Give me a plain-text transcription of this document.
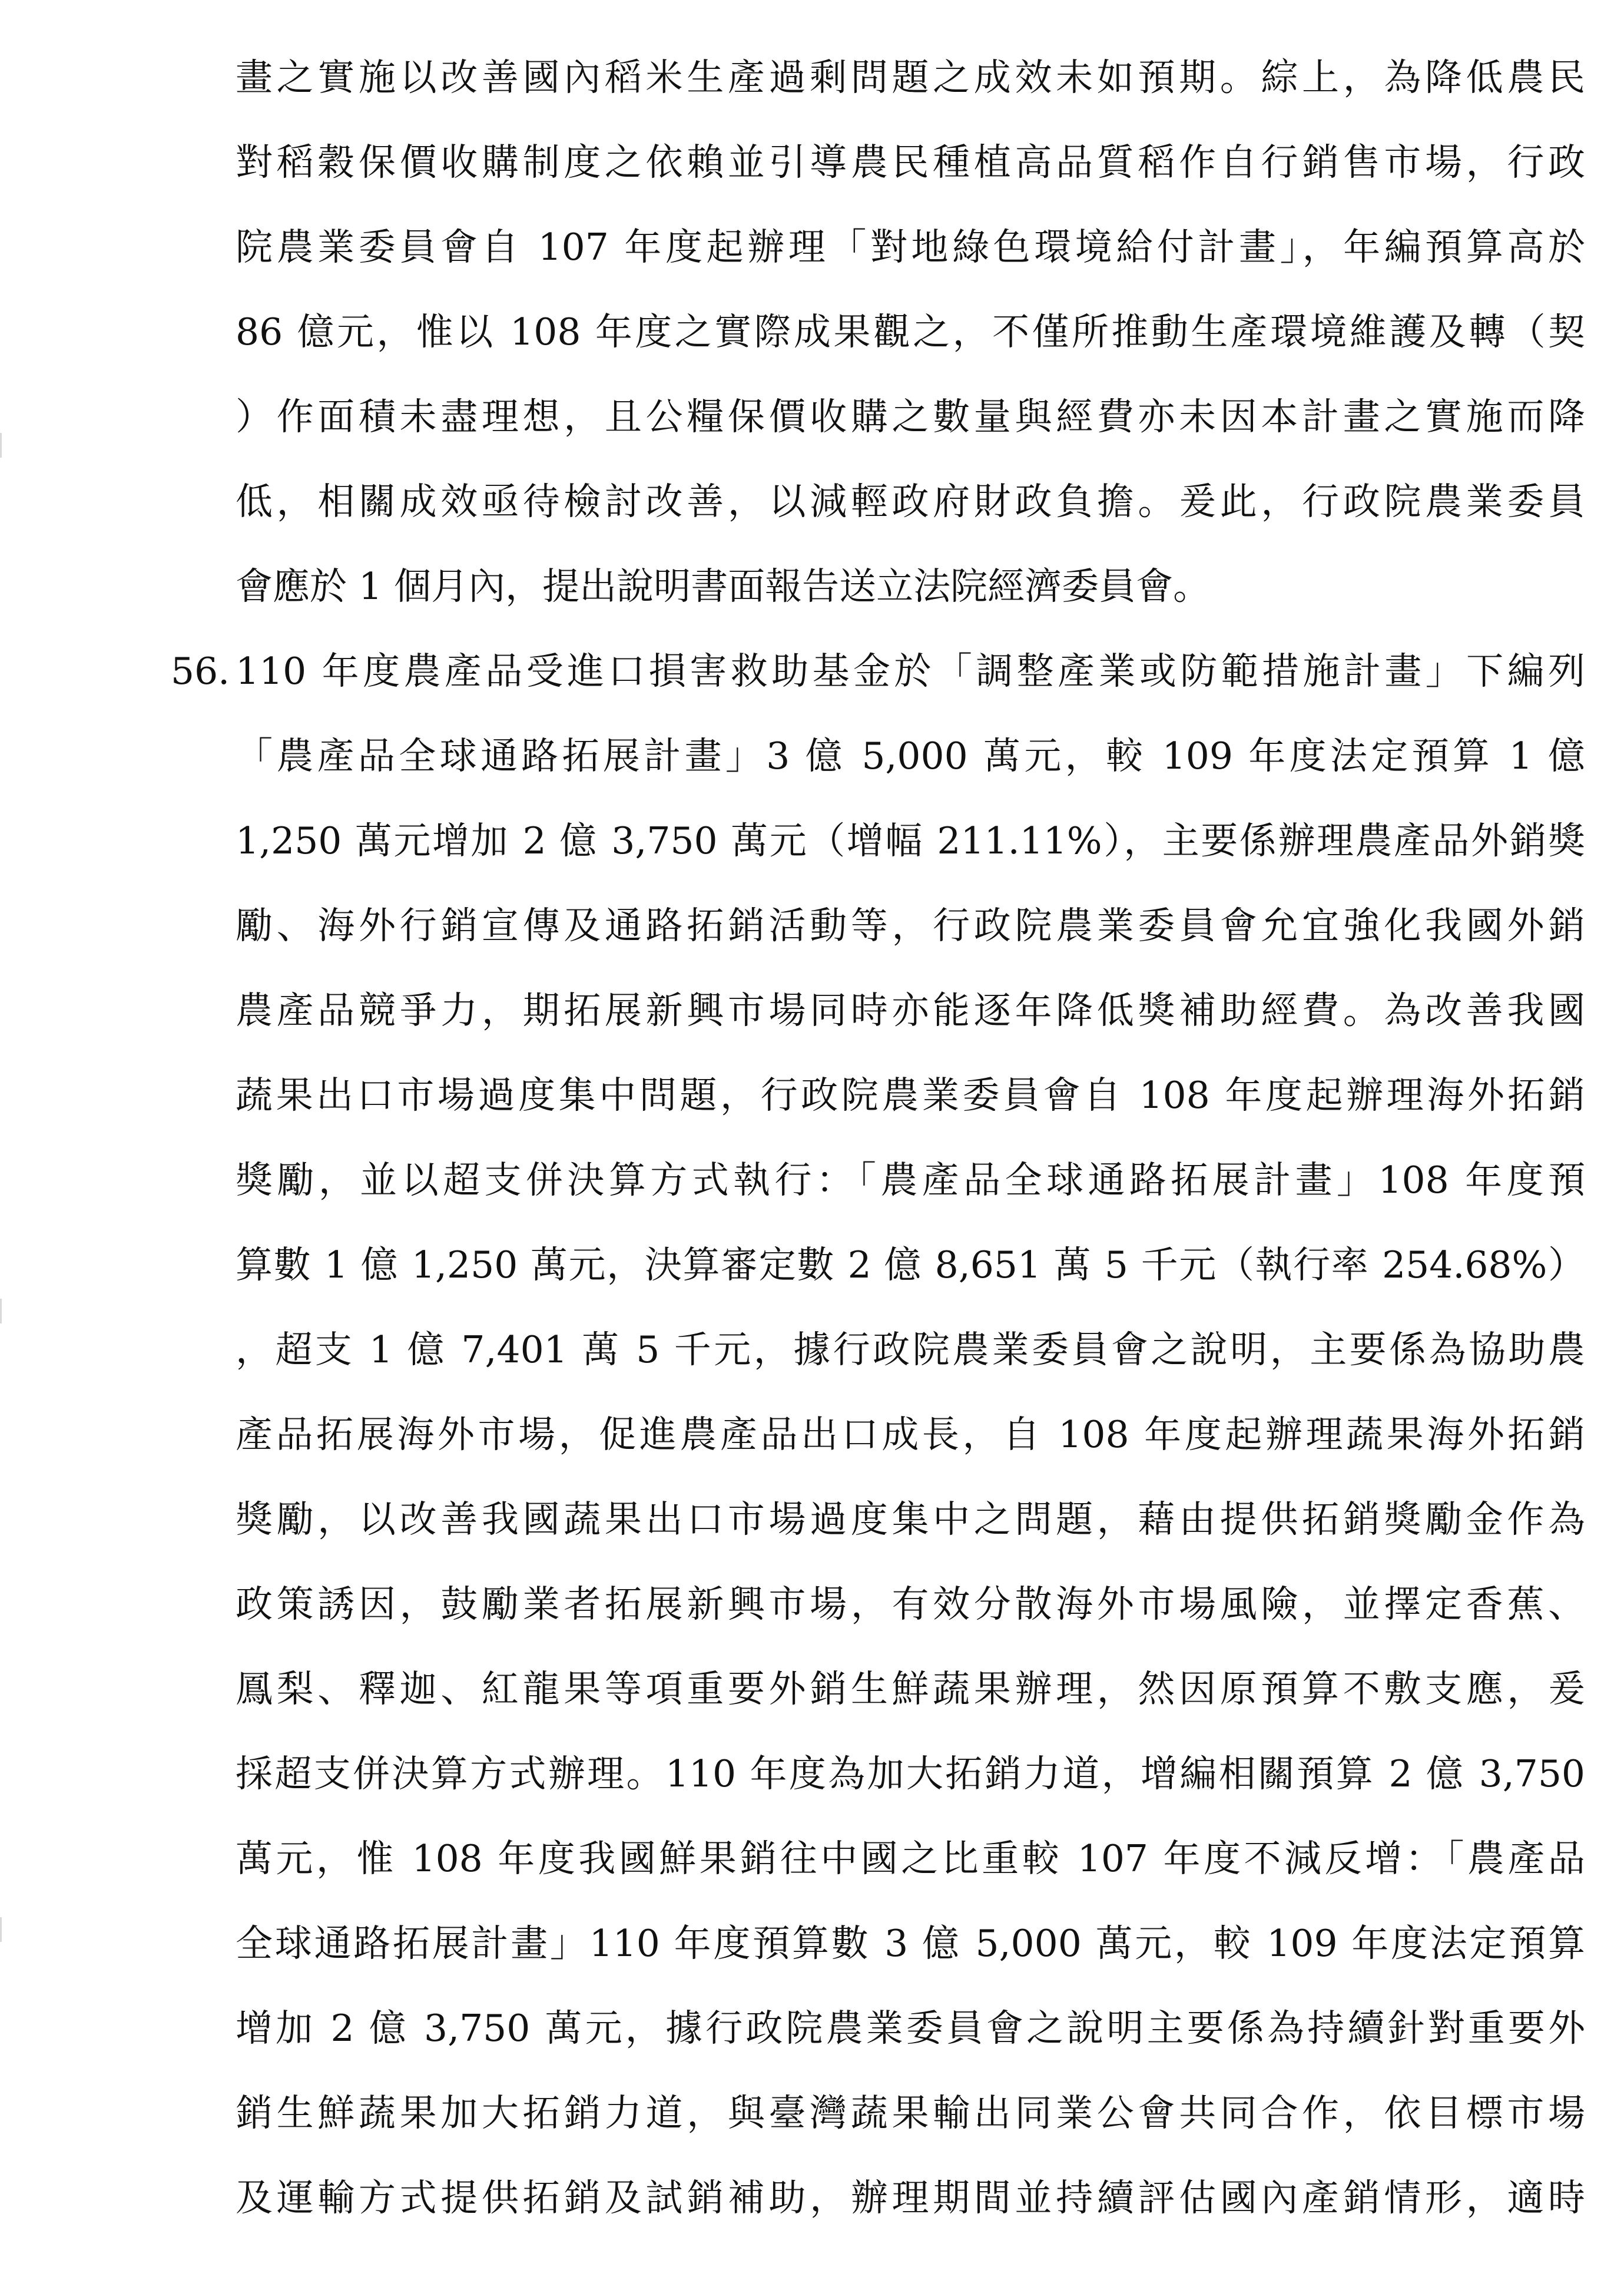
畫之實施以改善國內稻米生產過剩問題之成效未如預期。綜上，為降低農民
對稻穀保價收購制度之依賴並引導農民種植高品質稻作自行銷售市場，行政
院農業委員會自 107 年度起辦理「對地綠色環境給付計畫」，年編預算高於
86 億元，惟以 108 年度之實際成果觀之，不僅所推動生產環境維護及轉（契
）作面積未盡理想，且公糧保價收購之數量與經費亦未因本計畫之實施而降
低，相關成效亟待檢討改善，以減輕政府財政負擔。爰此，行政院農業委員
會應於 1 個月內，提出說明書面報告送立法院經濟委員會。
56. 110 年度農產品受進口損害救助基金於「調整產業或防範措施計畫」下編列
「農產品全球通路拓展計畫」3 億 5,000 萬元，較 109 年度法定預算 1 億
1,250 萬元增加 2 億 3,750 萬元（增幅 211.11%），主要係辦理農產品外銷獎
勵、海外行銷宣傳及通路拓銷活動等，行政院農業委員會允宜強化我國外銷
農產品競爭力，期拓展新興市場同時亦能逐年降低獎補助經費。為改善我國
蔬果出口市場過度集中問題，行政院農業委員會自 108 年度起辦理海外拓銷
獎勵，並以超支併決算方式執行：「農產品全球通路拓展計畫」108 年度預
算數 1 億 1,250 萬元，決算審定數 2 億 8,651 萬 5 千元（執行率 254.68%）
，超支 1 億 7,401 萬 5 千元，據行政院農業委員會之說明，主要係為協助農
產品拓展海外市場，促進農產品出口成長，自 108 年度起辦理蔬果海外拓銷
獎勵，以改善我國蔬果出口市場過度集中之問題，藉由提供拓銷獎勵金作為
政策誘因，鼓勵業者拓展新興市場，有效分散海外市場風險，並擇定香蕉、
鳳梨、釋迦、紅龍果等項重要外銷生鮮蔬果辦理，然因原預算不敷支應，爰
採超支併決算方式辦理。110 年度為加大拓銷力道，增編相關預算 2 億 3,750
萬元，惟 108 年度我國鮮果銷往中國之比重較 107 年度不減反增：「農產品
全球通路拓展計畫」110 年度預算數 3 億 5,000 萬元，較 109 年度法定預算
增加 2 億 3,750 萬元，據行政院農業委員會之說明主要係為持續針對重要外
銷生鮮蔬果加大拓銷力道，與臺灣蔬果輸出同業公會共同合作，依目標市場
及運輸方式提供拓銷及試銷補助，辦理期間並持續評估國內產銷情形，適時
